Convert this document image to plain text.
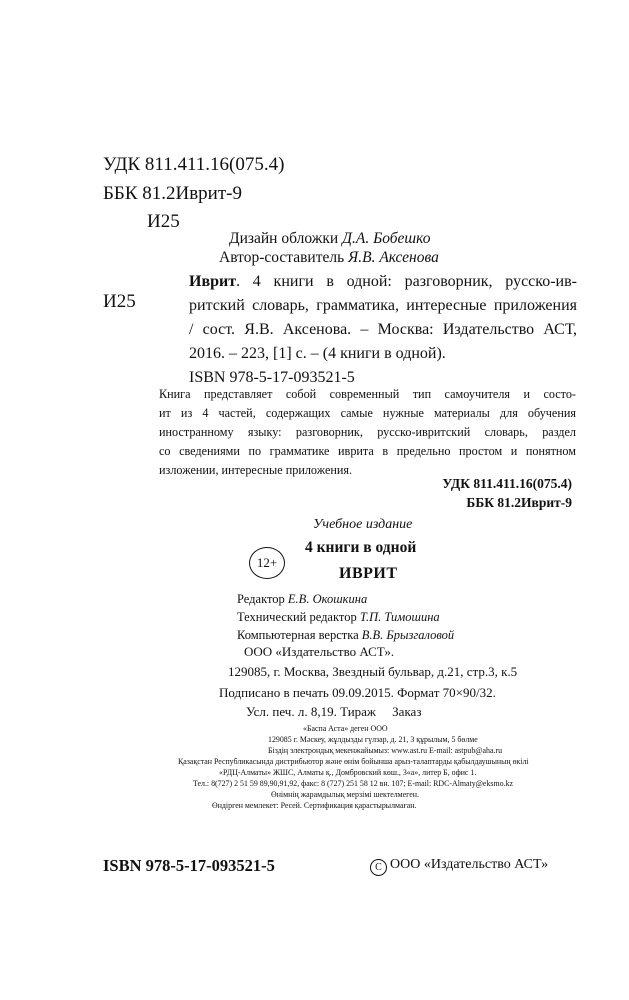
УДК 811.411.16(075.4)
ББК 81.2Иврит-9
И25
Дизайн обложки Д.А. Бобешко
Автор-составитель Я.В. Аксенова
И25
Иврит. 4 книги в одной: разговорник, русско-ив-
ритский словарь, грамматика, интересные приложения
/ сост. Я.В. Аксенова. – Москва: Издательство АСТ,
2016. – 223, [1] с. – (4 книги в одной).
ISBN 978-5-17-093521-5
Книга представляет собой современный тип самоучителя и состо-
ит из 4 частей, содержащих самые нужные материалы для обучения
иностранному языку: разговорник, русско-ивритский словарь, раздел
со сведениями по грамматике иврита в предельно простом и понятном
изложении, интересные приложения.
УДК 811.411.16(075.4)
ББК 81.2Иврит-9
Учебное издание
4 книги в одной
12+
ИВРИТ
Редактор Е.В. Окошкина
Технический редактор Т.П. Тимошина
Компьютерная верстка В.В. Брызгаловой
ООО «Издательство АСТ».
129085, г. Москва, Звездный бульвар, д.21, стр.3, к.5
Подписано в печать 09.09.2015. Формат 70×90/32.
Усл. печ. л. 8,19. Тираж     Заказ
«Баспа Аста» деген ООО
129085 г. Мәскеу, жұлдызды гүлзар, д. 21, 3 құрылым, 5 бөлме
Біздің электрондық мекенжайымыз: www.ast.ru E-mail: astpub@aha.ru
Қазақстан Республикасында дистрибьютор және өнім бойынша арыз-талаптарды қабылдаушының өкілі
«РДЦ-Алматы» ЖШС, Алматы қ., Домбровский көш., 3«а», литер Б, офис 1.
Тел.: 8(727) 2 51 59 89,90,91,92, факс: 8 (727) 251 58 12 вн. 107; E-mail: RDC-Almaty@eksmo.kz
Өнімнің жарамдылық мерзімі шектелмеген.
Өндірген мемлекет: Ресей. Сертификация қарастырылмаған.
ISBN 978-5-17-093521-5	C ООО «Издательство АСТ»
